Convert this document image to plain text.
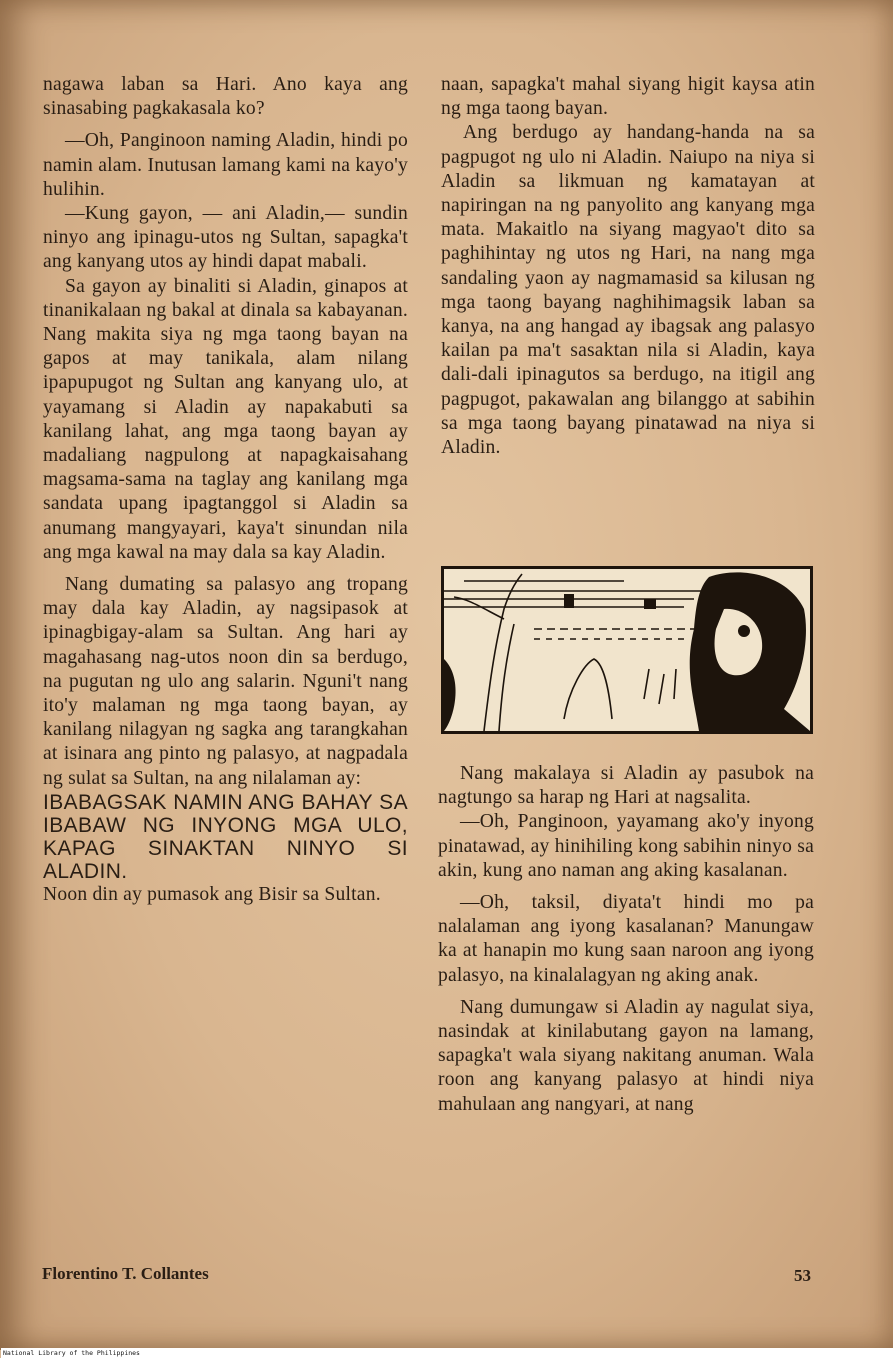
nagawa laban sa Hari. Ano kaya ang sinasabing pagkakasala ko?

—Oh, Panginoon naming Aladin, hindi po namin alam. Inutusan lamang kami na kayo'y hulihin.

—Kung gayon, — ani Aladin,— sundin ninyo ang ipinagu-utos ng Sultan, sapagka't ang kanyang utos ay hindi dapat mabali.

Sa gayon ay binaliti si Aladin, ginapos at tinanikalaan ng bakal at dinala sa kabayanan. Nang makita siya ng mga taong bayan na gapos at may tanikala, alam nilang ipapupugot ng Sultan ang kanyang ulo, at yayamang si Aladin ay napakabuti sa kanilang lahat, ang mga taong bayan ay madaliang nagpulong at napagkaisahang magsama-sama na taglay ang kanilang mga sandata upang ipagtanggol si Aladin sa anumang mangyayari, kaya't sinundan nila ang mga kawal na may dala sa kay Aladin.

Nang dumating sa palasyo ang tropang may dala kay Aladin, ay nagsipasok at ipinagbigay-alam sa Sultan. Ang hari ay magahasang nag-utos noon din sa berdugo, na pugutan ng ulo ang salarin. Nguni't nang ito'y malaman ng mga taong bayan, ay kanilang nilagyan ng sagka ang tarangkahan at isinara ang pinto ng palasyo, at nagpadala ng sulat sa Sultan, na ang nilalaman ay:

IBABAGSAK NAMIN ANG BAHAY SA IBABAW NG INYONG MGA ULO, KAPAG SINAKTAN NINYO SI ALADIN.

Noon din ay pumasok ang Bisir sa Sultan.

naan, sapagka't mahal siyang higit kaysa atin ng mga taong bayan.

Ang berdugo ay handang-handa na sa pagpugot ng ulo ni Aladin. Naiupo na niya si Aladin sa likmuan ng kamatayan at napiringan na ng panyolito ang kanyang mga mata. Makaitlo na siyang magyao't dito sa paghihintay ng utos ng Hari, na nang mga sandaling yaon ay nagmamasid sa kilusan ng mga taong bayang naghihimagsik laban sa kanya, na ang hangad ay ibagsak ang palasyo kailan pa ma't sasaktan nila si Aladin, kaya dali-dali ipinagutos sa berdugo, na itigil ang pagpugot, pakawalan ang bilanggo at sabihin sa mga taong bayang pinatawad na niya si Aladin.

Nang makalaya si Aladin ay pasubok na nagtungo sa harap ng Hari at nagsalita.

—Oh, Panginoon, yayamang ako'y inyong pinatawad, ay hinihiling kong sabihin ninyo sa akin, kung ano naman ang aking kasalanan.

—Oh, taksil, diyata't hindi mo pa nalalaman ang iyong kasalanan? Manungaw ka at hanapin mo kung saan naroon ang iyong palasyo, na kinalalagyan ng aking anak.

Nang dumungaw si Aladin ay nagulat siya, nasindak at kinilabutang gayon na lamang, sapagka't wala siyang nakitang anuman. Wala roon ang kanyang palasyo at hindi niya mahulaan ang nangyari, at nang

Florentino T. Collantes	53
National Library of the Philippines
